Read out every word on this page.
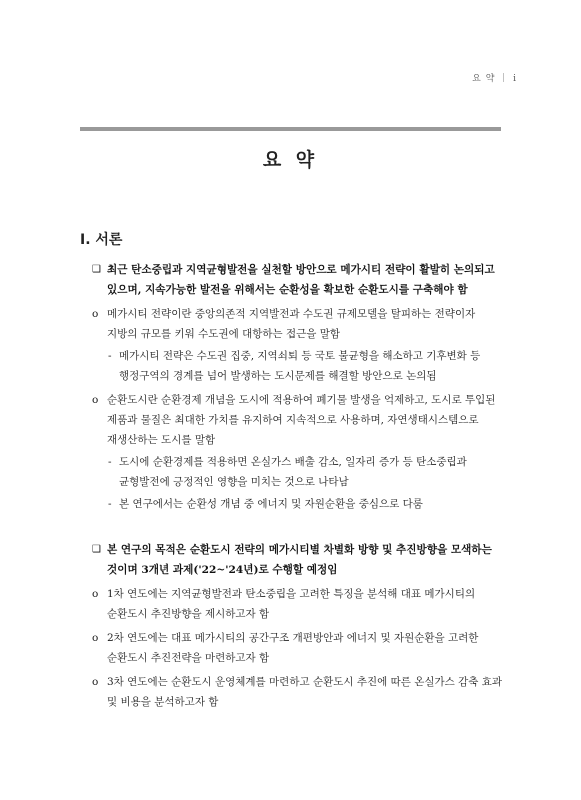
요 약 ｜ i
요 약
Ⅰ. 서론
❑ 최근 탄소중립과 지역균형발전을 실천할 방안으로 메가시티 전략이 활발히 논의되고 있으며, 지속가능한 발전을 위해서는 순환성을 확보한 순환도시를 구축해야 함
ο 메가시티 전략이란 중앙의존적 지역발전과 수도권 규제모델을 탈피하는 전략이자 지방의 규모를 키워 수도권에 대항하는 접근을 말함
- 메가시티 전략은 수도권 집중, 지역쇠퇴 등 국토 불균형을 해소하고 기후변화 등 행정구역의 경계를 넘어 발생하는 도시문제를 해결할 방안으로 논의됨
ο 순환도시란 순환경제 개념을 도시에 적용하여 폐기물 발생을 억제하고, 도시로 투입된 제품과 물질은 최대한 가치를 유지하여 지속적으로 사용하며, 자연생태시스템으로 재생산하는 도시를 말함
- 도시에 순환경제를 적용하면 온실가스 배출 감소, 일자리 증가 등 탄소중립과 균형발전에 긍정적인 영향을 미치는 것으로 나타남
- 본 연구에서는 순환성 개념 중 에너지 및 자원순환을 중심으로 다룸
❑ 본 연구의 목적은 순환도시 전략의 메가시티별 차별화 방향 및 추진방향을 모색하는 것이며 3개년 과제('22~'24년)로 수행할 예정임
ο 1차 연도에는 지역균형발전과 탄소중립을 고려한 특징을 분석해 대표 메가시티의 순환도시 추진방향을 제시하고자 함
ο 2차 연도에는 대표 메가시티의 공간구조 개편방안과 에너지 및 자원순환을 고려한 순환도시 추진전략을 마련하고자 함
ο 3차 연도에는 순환도시 운영체계를 마련하고 순환도시 추진에 따른 온실가스 감축 효과 및 비용을 분석하고자 함
